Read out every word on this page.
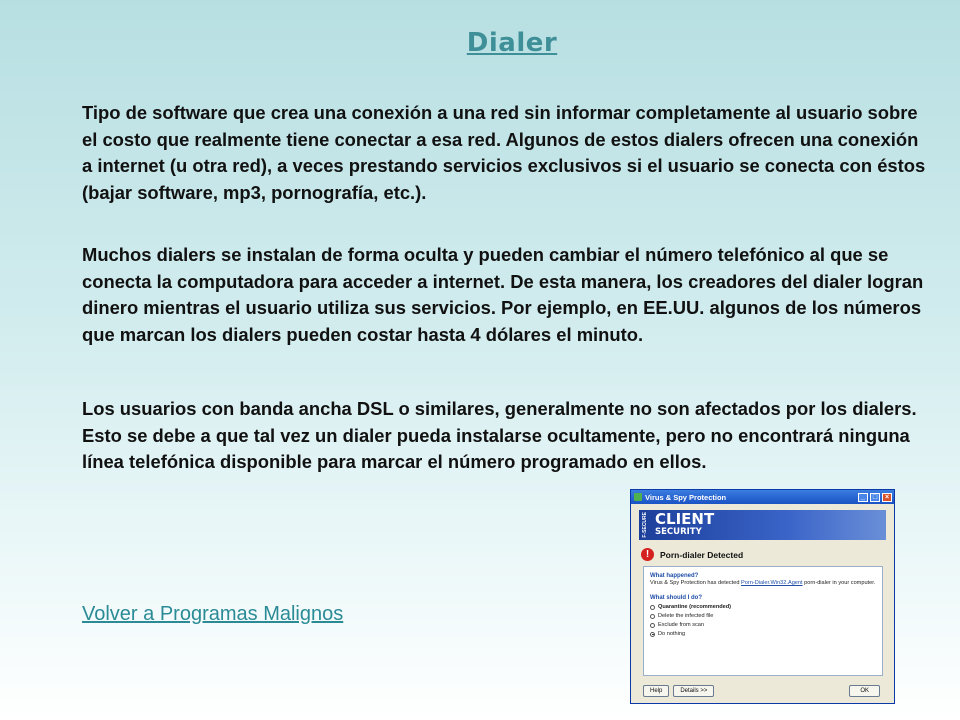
Dialer

Tipo de software que crea una conexión a una red sin informar completamente al usuario sobre el costo que realmente tiene conectar a esa red. Algunos de estos dialers ofrecen una conexión a internet (u otra red), a veces prestando servicios exclusivos si el usuario se conecta con éstos (bajar software, mp3, pornografía, etc.).

Muchos dialers se instalan de forma oculta y pueden cambiar el número telefónico al que se conecta la computadora para acceder a internet. De esta manera, los creadores del dialer logran dinero mientras el usuario utiliza sus servicios. Por ejemplo, en EE.UU. algunos de los números que marcan los dialers pueden costar hasta 4 dólares el minuto.

Los usuarios con banda ancha DSL o similares, generalmente no son afectados por los dialers. Esto se debe a que tal vez un dialer pueda instalarse ocultamente, pero no encontrará ninguna línea telefónica disponible para marcar el número programado en ellos.

Volver a Programas Malignos
Virus & Spy Protection	_	□	×
F-SECURE CLIENT
SECURITY
!	Porn-dialer Detected
What happened?
Virus & Spy Protection has detected Porn-Dialer.Win32.Agent porn-dialer in your computer.
What should I do?
Quarantine (recommended)
Delete the infected file
Exclude from scan
Do nothing
Help	Details >>	OK
